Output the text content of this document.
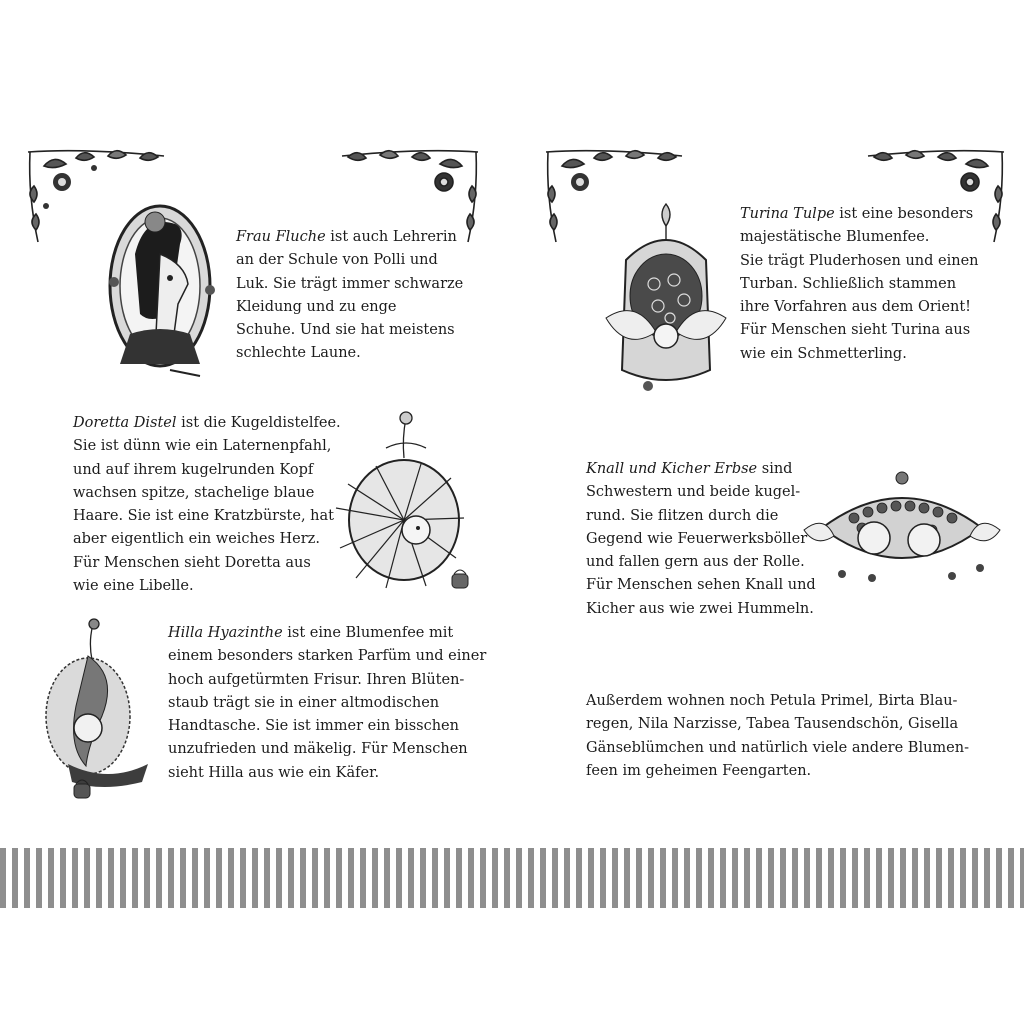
Frau Fluche ist auch Lehrerin
an der Schule von Polli und
Luk. Sie trägt immer schwarze
Kleidung und zu enge
Schuhe. Und sie hat meistens
schlechte Laune.
Doretta Distel ist die Kugeldistelfee.
Sie ist dünn wie ein Laternenpfahl,
und auf ihrem kugelrunden Kopf
wachsen spitze, stachelige blaue
Haare. Sie ist eine Kratzbürste, hat
aber eigentlich ein weiches Herz.
Für Menschen sieht Doretta aus
wie eine Libelle.
Hilla Hyazinthe ist eine Blumenfee mit
einem besonders starken Parfüm und einer
hoch aufgetürmten Frisur. Ihren Blüten-
staub trägt sie in einer altmodischen
Handtasche. Sie ist immer ein bisschen
unzufrieden und mäkelig. Für Menschen
sieht Hilla aus wie ein Käfer.
Turina Tulpe ist eine besonders
majestätische Blumenfee.
Sie trägt Pluderhosen und einen
Turban. Schließlich stammen
ihre Vorfahren aus dem Orient!
Für Menschen sieht Turina aus
wie ein Schmetterling.
Knall und Kicher Erbse sind
Schwestern und beide kugel-
rund. Sie flitzen durch die
Gegend wie Feuerwerksböller
und fallen gern aus der Rolle.
Für Menschen sehen Knall und
Kicher aus wie zwei Hummeln.
Außerdem wohnen noch Petula Primel, Birta Blau-
regen, Nila Narzisse, Tabea Tausendschön, Gisella
Gänseblümchen und natürlich viele andere Blumen-
feen im geheimen Feengarten.
